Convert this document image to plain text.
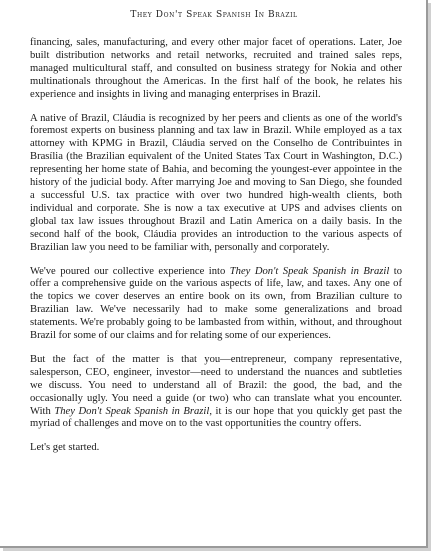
They Don't Speak Spanish In Brazil

financing, sales, manufacturing, and every other major facet of operations. Later, Joe built distribution networks and retail networks, recruited and trained sales reps, managed multicultural staff, and consulted on business strategy for Nokia and other multinationals throughout the Americas. In the first half of the book, he relates his experience and insights in living and managing enterprises in Brazil.

A native of Brazil, Cláudia is recognized by her peers and clients as one of the world's foremost experts on business planning and tax law in Brazil. While employed as a tax attorney with KPMG in Brazil, Cláudia served on the Conselho de Contribuintes in Brasília (the Brazilian equivalent of the United States Tax Court in Washington, D.C.) representing her home state of Bahia, and becoming the youngest-ever appointee in the history of the judicial body. After marrying Joe and moving to San Diego, she founded a successful U.S. tax practice with over two hundred high-wealth clients, both individual and corporate. She is now a tax executive at UPS and advises clients on global tax law issues throughout Brazil and Latin America on a daily basis. In the second half of the book, Cláudia provides an introduction to the various aspects of Brazilian law you need to be familiar with, personally and corporately.

We've poured our collective experience into They Don't Speak Spanish in Brazil to offer a comprehensive guide on the various aspects of life, law, and taxes. Any one of the topics we cover deserves an entire book on its own, from Brazilian culture to Brazilian law. We've necessarily had to make some generalizations and broad statements. We're probably going to be lambasted from within, without, and throughout Brazil for some of our claims and for relating some of our experiences.

But the fact of the matter is that you—entrepreneur, company representative, salesperson, CEO, engineer, investor—need to understand the nuances and subtleties we discuss. You need to understand all of Brazil: the good, the bad, and the occasionally ugly. You need a guide (or two) who can translate what you encounter. With They Don't Speak Spanish in Brazil, it is our hope that you quickly get past the myriad of challenges and move on to the vast opportunities the country offers.

Let's get started.
